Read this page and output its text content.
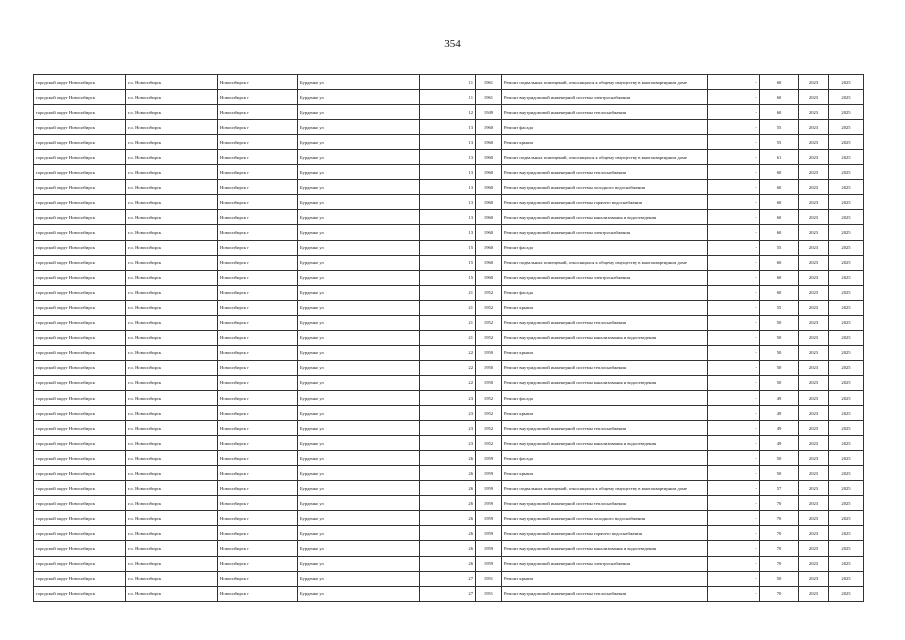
354
городской округ Новосибирск	г.о. Новосибирск	Новосибирск г	Бурденко ул	11	1961	Ремонт подвальных помещений, относящихся к общему имуществу в многоквартирном доме	-	60	2023	2025
городской округ Новосибирск	г.о. Новосибирск	Новосибирск г	Бурденко ул	11	1961	Ремонт внутридомовой инженерной системы электроснабжения	-	60	2023	2025
городской округ Новосибирск	г.о. Новосибирск	Новосибирск г	Бурденко ул	12	1949	Ремонт внутридомовой инженерной системы теплоснабжения	-	60	2023	2025
городской округ Новосибирск	г.о. Новосибирск	Новосибирск г	Бурденко ул	13	1960	Ремонт фасада	-	55	2023	2025
городской округ Новосибирск	г.о. Новосибирск	Новосибирск г	Бурденко ул	13	1960	Ремонт крыши	-	55	2023	2025
городской округ Новосибирск	г.о. Новосибирск	Новосибирск г	Бурденко ул	13	1960	Ремонт подвальных помещений, относящихся к общему имуществу в многоквартирном доме	-	61	2023	2025
городской округ Новосибирск	г.о. Новосибирск	Новосибирск г	Бурденко ул	13	1960	Ремонт внутридомовой инженерной системы теплоснабжения	-	60	2023	2025
городской округ Новосибирск	г.о. Новосибирск	Новосибирск г	Бурденко ул	13	1960	Ремонт внутридомовой инженерной системы холодного водоснабжения	-	60	2023	2025
городской округ Новосибирск	г.о. Новосибирск	Новосибирск г	Бурденко ул	13	1960	Ремонт внутридомовой инженерной системы горячего водоснабжения	-	60	2023	2025
городской округ Новосибирск	г.о. Новосибирск	Новосибирск г	Бурденко ул	13	1960	Ремонт внутридомовой инженерной системы канализования и водоотведения	-	60	2023	2025
городской округ Новосибирск	г.о. Новосибирск	Новосибирск г	Бурденко ул	13	1960	Ремонт внутридомовой инженерной системы электроснабжения	-	60	2023	2025
городской округ Новосибирск	г.о. Новосибирск	Новосибирск г	Бурденко ул	15	1960	Ремонт фасада	-	55	2023	2025
городской округ Новосибирск	г.о. Новосибирск	Новосибирск г	Бурденко ул	15	1960	Ремонт подвальных помещений, относящихся к общему имуществу в многоквартирном доме	-	60	2023	2025
городской округ Новосибирск	г.о. Новосибирск	Новосибирск г	Бурденко ул	15	1960	Ремонт внутридомовой инженерной системы электроснабжения	-	60	2023	2025
городской округ Новосибирск	г.о. Новосибирск	Новосибирск г	Бурденко ул	21	1952	Ремонт фасада	-	60	2023	2025
городской округ Новосибирск	г.о. Новосибирск	Новосибирск г	Бурденко ул	21	1952	Ремонт крыши	-	55	2023	2025
городской округ Новосибирск	г.о. Новосибирск	Новосибирск г	Бурденко ул	21	1952	Ремонт внутридомовой инженерной системы теплоснабжения	-	50	2023	2025
городской округ Новосибирск	г.о. Новосибирск	Новосибирск г	Бурденко ул	21	1952	Ремонт внутридомовой инженерной системы канализования и водоотведения	-	50	2023	2025
городской округ Новосибирск	г.о. Новосибирск	Новосибирск г	Бурденко ул	22	1950	Ремонт крыши	-	50	2023	2025
городской округ Новосибирск	г.о. Новосибирск	Новосибирск г	Бурденко ул	22	1950	Ремонт внутридомовой инженерной системы теплоснабжения	-	50	2023	2025
городской округ Новосибирск	г.о. Новосибирск	Новосибирск г	Бурденко ул	22	1950	Ремонт внутридомовой инженерной системы канализования и водоотведения	-	50	2023	2025
городской округ Новосибирск	г.о. Новосибирск	Новосибирск г	Бурденко ул	23	1952	Ремонт фасада	-	49	2023	2025
городской округ Новосибирск	г.о. Новосибирск	Новосибирск г	Бурденко ул	23	1952	Ремонт крыши	-	49	2023	2025
городской округ Новосибирск	г.о. Новосибирск	Новосибирск г	Бурденко ул	23	1952	Ремонт внутридомовой инженерной системы теплоснабжения	-	49	2023	2025
городской округ Новосибирск	г.о. Новосибирск	Новосибирск г	Бурденко ул	23	1952	Ремонт внутридомовой инженерной системы канализования и водоотведения	-	49	2023	2025
городской округ Новосибирск	г.о. Новосибирск	Новосибирск г	Бурденко ул	26	1959	Ремонт фасада	-	50	2023	2025
городской округ Новосибирск	г.о. Новосибирск	Новосибирск г	Бурденко ул	26	1959	Ремонт крыши	-	50	2023	2025
городской округ Новосибирск	г.о. Новосибирск	Новосибирск г	Бурденко ул	26	1959	Ремонт подвальных помещений, относящихся к общему имуществу в многоквартирном доме	-	57	2023	2025
городской округ Новосибирск	г.о. Новосибирск	Новосибирск г	Бурденко ул	26	1959	Ремонт внутридомовой инженерной системы теплоснабжения	-	70	2023	2025
городской округ Новосибирск	г.о. Новосибирск	Новосибирск г	Бурденко ул	26	1959	Ремонт внутридомовой инженерной системы холодного водоснабжения	-	70	2023	2025
городской округ Новосибирск	г.о. Новосибирск	Новосибирск г	Бурденко ул	26	1959	Ремонт внутридомовой инженерной системы горячего водоснабжения	-	70	2023	2025
городской округ Новосибирск	г.о. Новосибирск	Новосибирск г	Бурденко ул	26	1959	Ремонт внутридомовой инженерной системы канализования и водоотведения	-	70	2023	2025
городской округ Новосибирск	г.о. Новосибирск	Новосибирск г	Бурденко ул	26	1959	Ремонт внутридомовой инженерной системы электроснабжения	-	70	2023	2025
городской округ Новосибирск	г.о. Новосибирск	Новосибирск г	Бурденко ул	27	1951	Ремонт крыши	-	50	2023	2025
городской округ Новосибирск	г.о. Новосибирск	Новосибирск г	Бурденко ул	27	1951	Ремонт внутридомовой инженерной системы теплоснабжения	-	70	2023	2025
